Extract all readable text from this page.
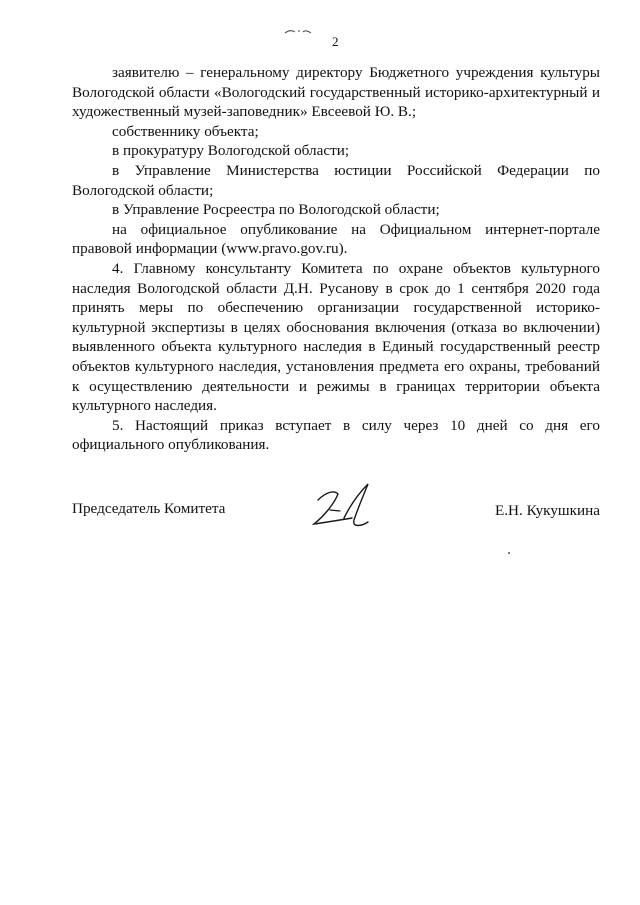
2

заявителю – генеральному директору Бюджетного учреждения культуры Вологодской области «Вологодский государственный историко-архитектурный и художественный музей-заповедник» Евсеевой Ю. В.;

собственнику объекта;

в прокуратуру Вологодской области;

в Управление Министерства юстиции Российской Федерации по Вологодской области;

в Управление Росреестра по Вологодской области;

на официальное опубликование на Официальном интернет-портале правовой информации (www.pravo.gov.ru).

4. Главному консультанту Комитета по охране объектов культурного наследия Вологодской области Д.Н. Русанову в срок до 1 сентября 2020 года принять меры по обеспечению организации государственной историко-культурной экспертизы в целях обоснования включения (отказа во включении) выявленного объекта культурного наследия в Единый государственный реестр объектов культурного наследия, установления предмета его охраны, требований к осуществлению деятельности и режимы в границах территории объекта культурного наследия.

5. Настоящий приказ вступает в силу через 10 дней со дня его официального опубликования.

Председатель Комитета	Е.Н. Кукушкина
